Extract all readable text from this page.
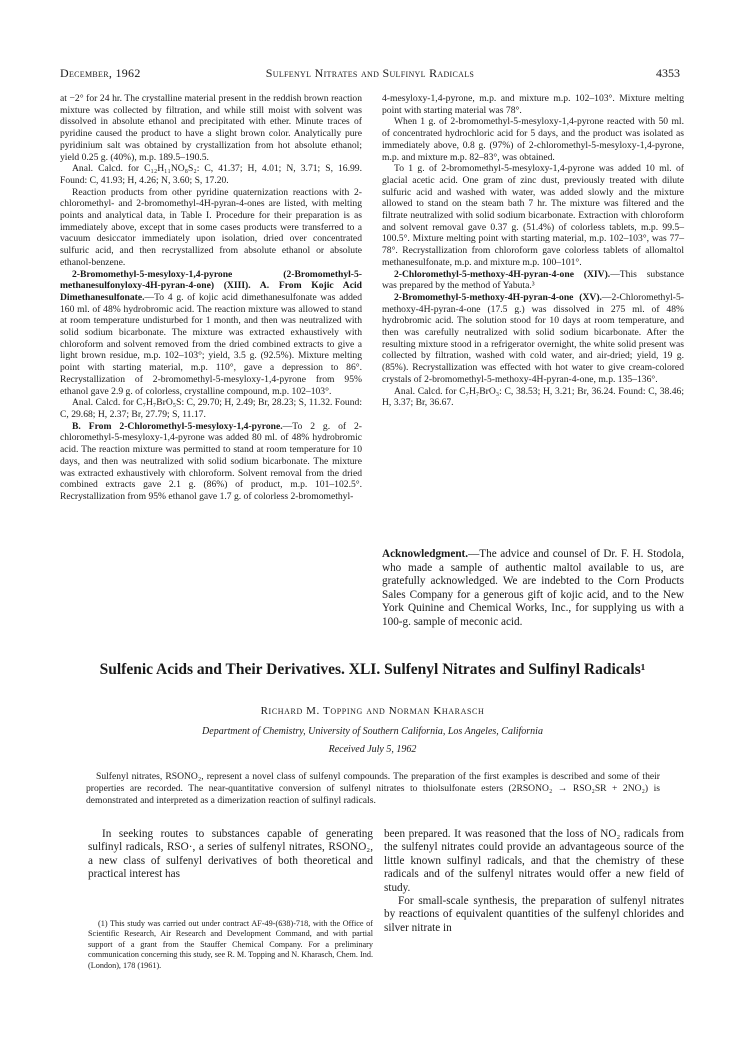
December, 1962	Sulfenyl Nitrates and Sulfinyl Radicals	4353

at −2° for 24 hr. The crystalline material present in the reddish brown reaction mixture was collected by filtration, and while still moist with solvent was dissolved in absolute ethanol and precipitated with ether. Minute traces of pyridine caused the product to have a slight brown color. Analytically pure pyridinium salt was obtained by crystallization from hot absolute ethanol; yield 0.25 g. (40%), m.p. 189.5–190.5.

Anal. Calcd. for C₁₂H₁₁NO₈S₂: C, 41.37; H, 4.01; N, 3.71; S, 16.99. Found: C, 41.93; H, 4.26; N, 3.60; S, 17.20.

Reaction products from other pyridine quaternization reactions with 2-chloromethyl- and 2-bromomethyl-4H-pyran-4-ones are listed, with melting points and analytical data, in Table I. Procedure for their preparation is as immediately above, except that in some cases products were transferred to a vacuum desiccator immediately upon isolation, dried over concentrated sulfuric acid, and then recrystallized from absolute ethanol or absolute ethanol-benzene.

2-Bromomethyl-5-mesyloxy-1,4-pyrone (2-Bromomethyl-5-methanesulfonyloxy-4H-pyran-4-one) (XIII). A. From Kojic Acid Dimethanesulfonate.—To 4 g. of kojic acid dimethanesulfonate was added 160 ml. of 48% hydrobromic acid. The reaction mixture was allowed to stand at room temperature undisturbed for 1 month, and then was neutralized with solid sodium bicarbonate. The mixture was extracted exhaustively with chloroform and solvent removed from the dried combined extracts to give a light brown residue, m.p. 102–103°; yield, 3.5 g. (92.5%). Mixture melting point with starting material, m.p. 110°, gave a depression to 86°. Recrystallization of 2-bromomethyl-5-mesyloxy-1,4-pyrone from 95% ethanol gave 2.9 g. of colorless, crystalline compound, m.p. 102–103°.

Anal. Calcd. for C₇H₇BrO₅S: C, 29.70; H, 2.49; Br, 28.23; S, 11.32. Found: C, 29.68; H, 2.37; Br, 27.79; S, 11.17.

B. From 2-Chloromethyl-5-mesyloxy-1,4-pyrone.—To 2 g. of 2-chloromethyl-5-mesyloxy-1,4-pyrone was added 80 ml. of 48% hydrobromic acid. The reaction mixture was permitted to stand at room temperature for 10 days, and then was neutralized with solid sodium bicarbonate. The mixture was extracted exhaustively with chloroform. Solvent removal from the dried combined extracts gave 2.1 g. (86%) of product, m.p. 101–102.5°. Recrystallization from 95% ethanol gave 1.7 g. of colorless 2-bromomethyl-

4-mesyloxy-1,4-pyrone, m.p. and mixture m.p. 102–103°. Mixture melting point with starting material was 78°.

When 1 g. of 2-bromomethyl-5-mesyloxy-1,4-pyrone reacted with 50 ml. of concentrated hydrochloric acid for 5 days, and the product was isolated as immediately above, 0.8 g. (97%) of 2-chloromethyl-5-mesyloxy-1,4-pyrone, m.p. and mixture m.p. 82–83°, was obtained.

To 1 g. of 2-bromomethyl-5-mesyloxy-1,4-pyrone was added 10 ml. of glacial acetic acid. One gram of zinc dust, previously treated with dilute sulfuric acid and washed with water, was added slowly and the mixture allowed to stand on the steam bath 7 hr. The mixture was filtered and the filtrate neutralized with solid sodium bicarbonate. Extraction with chloroform and solvent removal gave 0.37 g. (51.4%) of colorless tablets, m.p. 99.5–100.5°. Mixture melting point with starting material, m.p. 102–103°, was 77–78°. Recrystallization from chloroform gave colorless tablets of allomaltol methanesulfonate, m.p. and mixture m.p. 100–101°.

2-Chloromethyl-5-methoxy-4H-pyran-4-one (XIV).—This substance was prepared by the method of Yabuta.³

2-Bromomethyl-5-methoxy-4H-pyran-4-one (XV).—2-Chloromethyl-5-methoxy-4H-pyran-4-one (17.5 g.) was dissolved in 275 ml. of 48% hydrobromic acid. The solution stood for 10 days at room temperature, and then was carefully neutralized with solid sodium bicarbonate. After the resulting mixture stood in a refrigerator overnight, the white solid present was collected by filtration, washed with cold water, and air-dried; yield, 19 g. (85%). Recrystallization was effected with hot water to give cream-colored crystals of 2-bromomethyl-5-methoxy-4H-pyran-4-one, m.p. 135–136°.

Anal. Calcd. for C₇H₇BrO₃: C, 38.53; H, 3.21; Br, 36.24. Found: C, 38.46; H, 3.37; Br, 36.67.

Acknowledgment.—The advice and counsel of Dr. F. H. Stodola, who made a sample of authentic maltol available to us, are gratefully acknowledged. We are indebted to the Corn Products Sales Company for a generous gift of kojic acid, and to the New York Quinine and Chemical Works, Inc., for supplying us with a 100-g. sample of meconic acid.

Sulfenic Acids and Their Derivatives. XLI. Sulfenyl Nitrates and Sulfinyl Radicals¹
Richard M. Topping and Norman Kharasch
Department of Chemistry, University of Southern California, Los Angeles, California
Received July 5, 1962

Sulfenyl nitrates, RSONO₂, represent a novel class of sulfenyl compounds. The preparation of the first examples is described and some of their properties are recorded. The near-quantitative conversion of sulfenyl nitrates to thiolsulfonate esters (2RSONO₂ → RSO₂SR + 2NO₂) is demonstrated and interpreted as a dimerization reaction of sulfinyl radicals.

In seeking routes to substances capable of generating sulfinyl radicals, RSO·, a series of sulfenyl nitrates, RSONO₂, a new class of sulfenyl derivatives of both theoretical and practical interest has

(1) This study was carried out under contract AF-49-(638)-718, with the Office of Scientific Research, Air Research and Development Command, and with partial support of a grant from the Stauffer Chemical Company. For a preliminary communication concerning this study, see R. M. Topping and N. Kharasch, Chem. Ind. (London), 178 (1961).

been prepared. It was reasoned that the loss of NO₂ radicals from the sulfenyl nitrates could provide an advantageous source of the little known sulfinyl radicals, and that the chemistry of these radicals and of the sulfenyl nitrates would offer a new field of study.

For small-scale synthesis, the preparation of sulfenyl nitrates by reactions of equivalent quantities of the sulfenyl chlorides and silver nitrate in
